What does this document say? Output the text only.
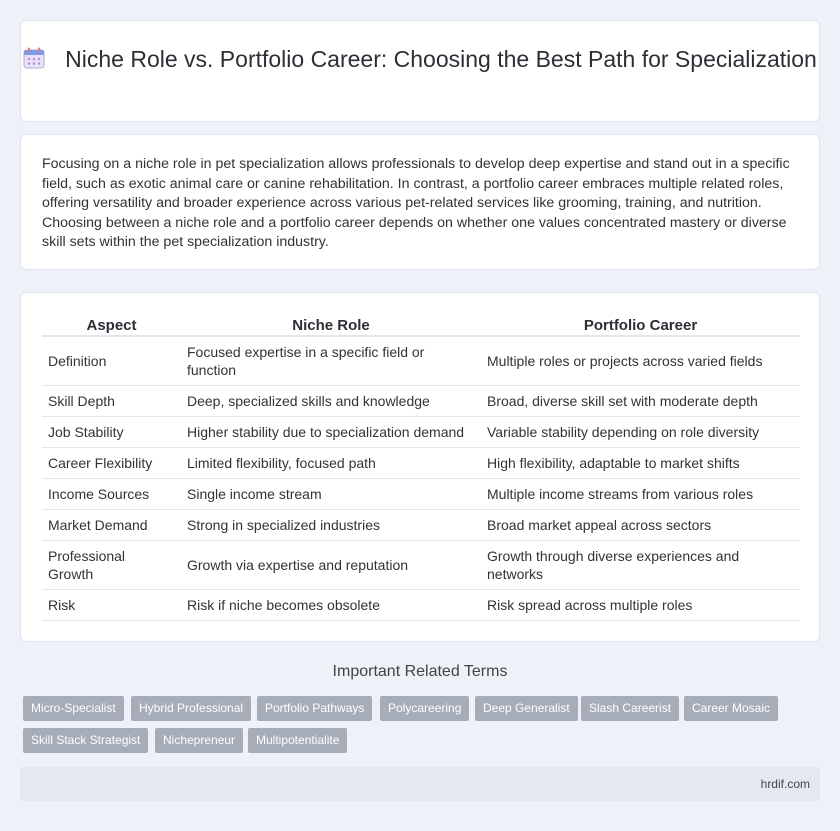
Niche Role vs. Portfolio Career: Choosing the Best Path for Specialization

Focusing on a niche role in pet specialization allows professionals to develop deep expertise and stand out in a specific field, such as exotic animal care or canine rehabilitation. In contrast, a portfolio career embraces multiple related roles, offering versatility and broader experience across various pet-related services like grooming, training, and nutrition. Choosing between a niche role and a portfolio career depends on whether one values concentrated mastery or diverse skill sets within the pet specialization industry.

Aspect	Niche Role	Portfolio Career
Definition	Focused expertise in a specific field or function	Multiple roles or projects across varied fields
Skill Depth	Deep, specialized skills and knowledge	Broad, diverse skill set with moderate depth
Job Stability	Higher stability due to specialization demand	Variable stability depending on role diversity
Career Flexibility	Limited flexibility, focused path	High flexibility, adaptable to market shifts
Income Sources	Single income stream	Multiple income streams from various roles
Market Demand	Strong in specialized industries	Broad market appeal across sectors
Professional Growth	Growth via expertise and reputation	Growth through diverse experiences and networks
Risk	Risk if niche becomes obsolete	Risk spread across multiple roles
Important Related Terms
Micro-Specialist	Hybrid Professional	Portfolio Pathways	Polycareering	Deep Generalist	Slash Careerist	Career Mosaic
Skill Stack Strategist	Nichepreneur	Multipotentialite
hrdif.com
